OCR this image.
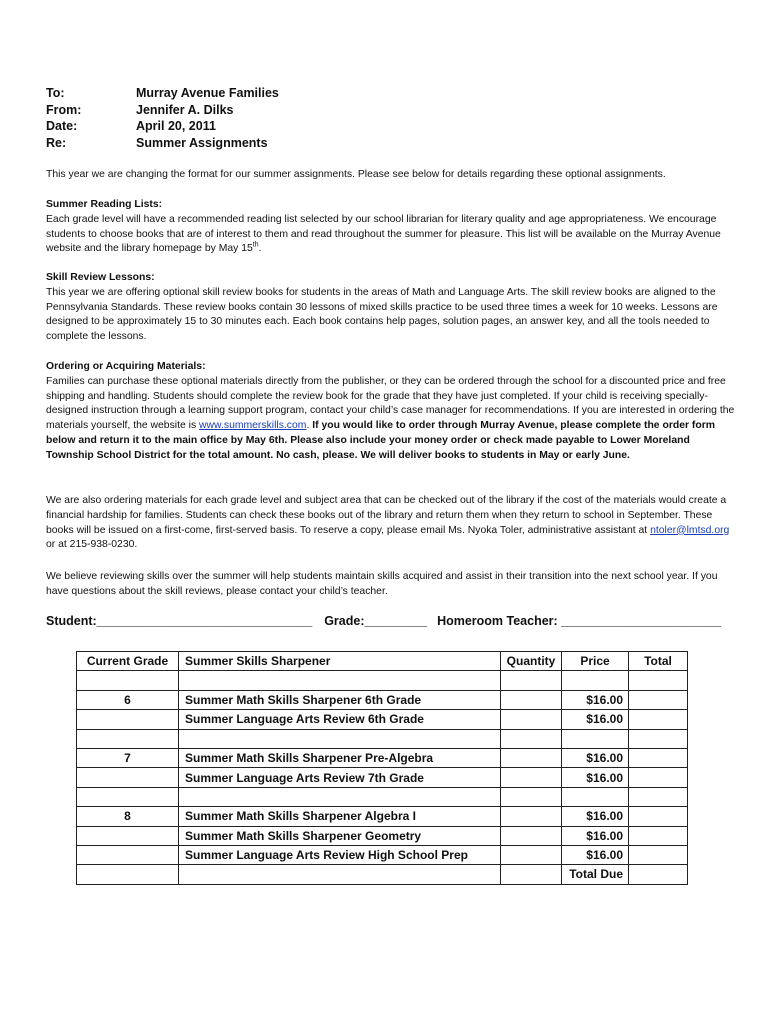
To:	Murray Avenue Families
From:	Jennifer A. Dilks
Date:	April 20, 2011
Re:	Summer Assignments
This year we are changing the format for our summer assignments. Please see below for details regarding these optional assignments.
Summer Reading Lists:
Each grade level will have a recommended reading list selected by our school librarian for literary quality and age appropriateness. We encourage students to choose books that are of interest to them and read throughout the summer for pleasure. This list will be available on the Murray Avenue website and the library homepage by May 15th.
Skill Review Lessons:
This year we are offering optional skill review books for students in the areas of Math and Language Arts. The skill review books are aligned to the Pennsylvania Standards. These review books contain 30 lessons of mixed skills practice to be used three times a week for 10 weeks. Lessons are designed to be approximately 15 to 30 minutes each. Each book contains help pages, solution pages, an answer key, and all the tools needed to complete the lessons.
Ordering or Acquiring Materials:
Families can purchase these optional materials directly from the publisher, or they can be ordered through the school for a discounted price and free shipping and handling. Students should complete the review book for the grade that they have just completed. If your child is receiving specially-designed instruction through a learning support program, contact your child’s case manager for recommendations. If you are interested in ordering the materials yourself, the website is www.summerskills.com. If you would like to order through Murray Avenue, please complete the order form below and return it to the main office by May 6th. Please also include your money order or check made payable to Lower Moreland Township School District for the total amount. No cash, please. We will deliver books to students in May or early June.
We are also ordering materials for each grade level and subject area that can be checked out of the library if the cost of the materials would create a financial hardship for families. Students can check these books out of the library and return them when they return to school in September. These books will be issued on a first-come, first-served basis. To reserve a copy, please email Ms. Nyoka Toler, administrative assistant at ntoler@lmtsd.org or at 215-938-0230.
We believe reviewing skills over the summer will help students maintain skills acquired and assist in their transition into the next school year. If you have questions about the skill reviews, please contact your child’s teacher.
Student:_______________________________ Grade:_________ Homeroom Teacher: _______________________
Current Grade	Summer Skills Sharpener	Quantity	Price	Total

6	Summer Math Skills Sharpener 6th Grade		$16.00	
	Summer Language Arts Review 6th Grade		$16.00	

7	Summer Math Skills Sharpener Pre-Algebra		$16.00	
	Summer Language Arts Review 7th Grade		$16.00	

8	Summer Math Skills Sharpener Algebra I		$16.00	
	Summer Math Skills Sharpener Geometry		$16.00	
	Summer Language Arts Review High School Prep		$16.00	
			Total Due	
